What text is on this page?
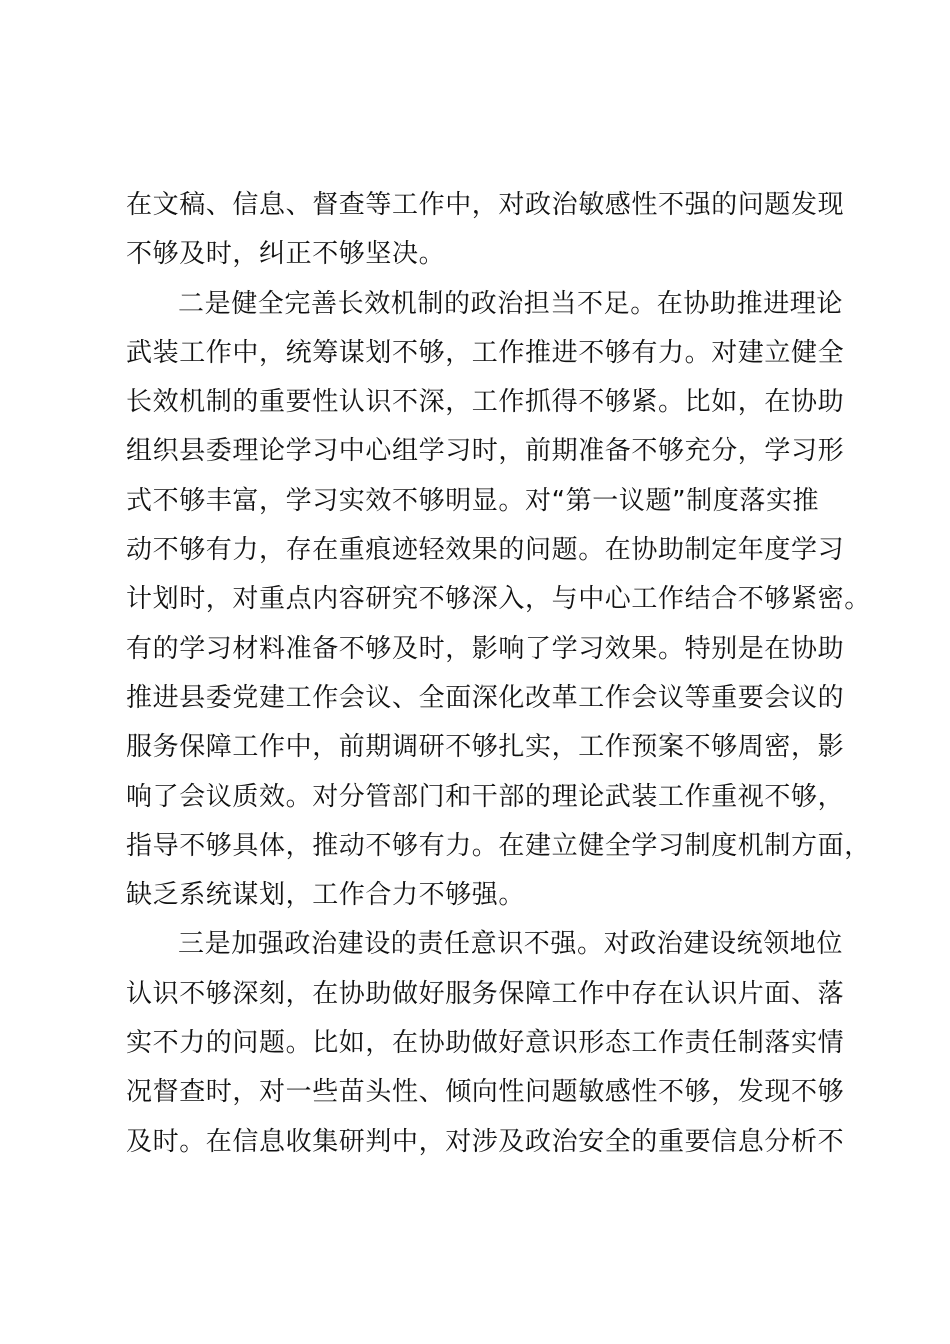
在文稿、信息、督查等工作中，对政治敏感性不强的问题发现
不够及时，纠正不够坚决。
二是健全完善长效机制的政治担当不足。在协助推进理论
武装工作中，统筹谋划不够，工作推进不够有力。对建立健全
长效机制的重要性认识不深，工作抓得不够紧。比如，在协助
组织县委理论学习中心组学习时，前期准备不够充分，学习形
式不够丰富，学习实效不够明显。对“第一议题”制度落实推
动不够有力，存在重痕迹轻效果的问题。在协助制定年度学习
计划时，对重点内容研究不够深入，与中心工作结合不够紧密。
有的学习材料准备不够及时，影响了学习效果。特别是在协助
推进县委党建工作会议、全面深化改革工作会议等重要会议的
服务保障工作中，前期调研不够扎实，工作预案不够周密，影
响了会议质效。对分管部门和干部的理论武装工作重视不够，
指导不够具体，推动不够有力。在建立健全学习制度机制方面，
缺乏系统谋划，工作合力不够强。
三是加强政治建设的责任意识不强。对政治建设统领地位
认识不够深刻，在协助做好服务保障工作中存在认识片面、落
实不力的问题。比如，在协助做好意识形态工作责任制落实情
况督查时，对一些苗头性、倾向性问题敏感性不够，发现不够
及时。在信息收集研判中，对涉及政治安全的重要信息分析不
